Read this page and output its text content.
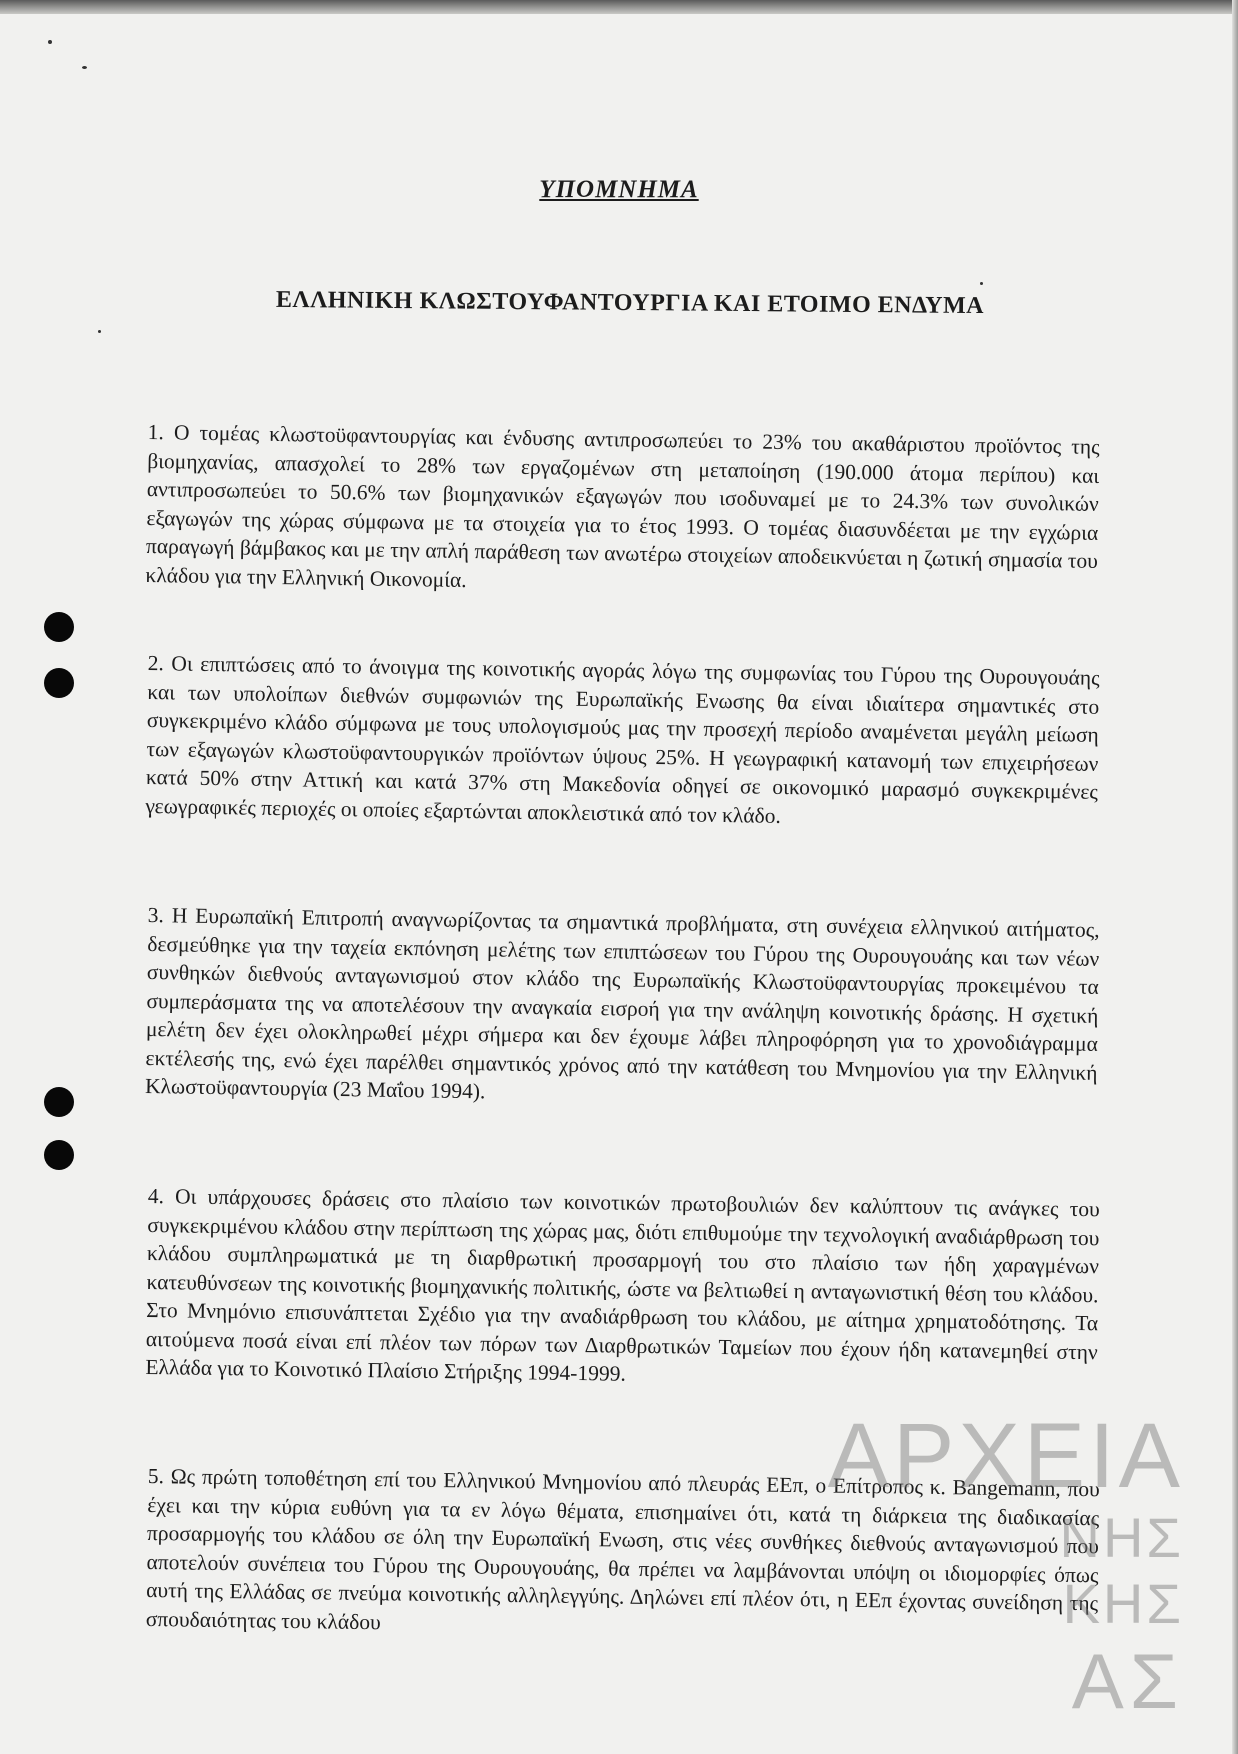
ΥΠΟΜΝΗΜΑ
ΕΛΛΗΝΙΚΗ ΚΛΩΣΤΟΥΦΑΝΤΟΥΡΓΙΑ ΚΑΙ ΕΤΟΙΜΟ ΕΝΔΥΜΑ

1. Ο τομέας κλωστοϋφαντουργίας και ένδυσης αντιπροσωπεύει το 23% του ακαθάριστου προϊόντος της βιομηχανίας, απασχολεί το 28% των εργαζομένων στη μεταποίηση (190.000 άτομα περίπου) και αντιπροσωπεύει το 50.6% των βιομηχανικών εξαγωγών που ισοδυναμεί με το 24.3% των συνολικών εξαγωγών της χώρας σύμφωνα με τα στοιχεία για το έτος 1993. Ο τομέας διασυνδέεται με την εγχώρια παραγωγή βάμβακος και με την απλή παράθεση των ανωτέρω στοιχείων αποδεικνύεται η ζωτική σημασία του κλάδου για την Ελληνική Οικονομία.

2. Οι επιπτώσεις από το άνοιγμα της κοινοτικής αγοράς λόγω της συμφωνίας του Γύρου της Ουρουγουάης και των υπολοίπων διεθνών συμφωνιών της Ευρωπαϊκής Ενωσης θα είναι ιδιαίτερα σημαντικές στο συγκεκριμένο κλάδο σύμφωνα με τους υπολογισμούς μας την προσεχή περίοδο αναμένεται μεγάλη μείωση των εξαγωγών κλωστοϋφαντουργικών προϊόντων ύψους 25%. Η γεωγραφική κατανομή των επιχειρήσεων κατά 50% στην Αττική και κατά 37% στη Μακεδονία οδηγεί σε οικονομικό μαρασμό συγκεκριμένες γεωγραφικές περιοχές οι οποίες εξαρτώνται αποκλειστικά από τον κλάδο.

3. Η Ευρωπαϊκή Επιτροπή αναγνωρίζοντας τα σημαντικά προβλήματα, στη συνέχεια ελληνικού αιτήματος, δεσμεύθηκε για την ταχεία εκπόνηση μελέτης των επιπτώσεων του Γύρου της Ουρουγουάης και των νέων συνθηκών διεθνούς ανταγωνισμού στον κλάδο της Ευρωπαϊκής Κλωστοϋφαντουργίας προκειμένου τα συμπεράσματα της να αποτελέσουν την αναγκαία εισροή για την ανάληψη κοινοτικής δράσης. Η σχετική μελέτη δεν έχει ολοκληρωθεί μέχρι σήμερα και δεν έχουμε λάβει πληροφόρηση για το χρονοδιάγραμμα εκτέλεσής της, ενώ έχει παρέλθει σημαντικός χρόνος από την κατάθεση του Μνημονίου για την Ελληνική Κλωστοϋφαντουργία (23 Μαΐου 1994).

4. Οι υπάρχουσες δράσεις στο πλαίσιο των κοινοτικών πρωτοβουλιών δεν καλύπτουν τις ανάγκες του συγκεκριμένου κλάδου στην περίπτωση της χώρας μας, διότι επιθυμούμε την τεχνολογική αναδιάρθρωση του κλάδου συμπληρωματικά με τη διαρθρωτική προσαρμογή του στο πλαίσιο των ήδη χαραγμένων κατευθύνσεων της κοινοτικής βιομηχανικής πολιτικής, ώστε να βελτιωθεί η ανταγωνιστική θέση του κλάδου. Στο Μνημόνιο επισυνάπτεται Σχέδιο για την αναδιάρθρωση του κλάδου, με αίτημα χρηματοδότησης. Τα αιτούμενα ποσά είναι επί πλέον των πόρων των Διαρθρωτικών Ταμείων που έχουν ήδη κατανεμηθεί στην Ελλάδα για το Κοινοτικό Πλαίσιο Στήριξης 1994-1999.

5. Ως πρώτη τοποθέτηση επί του Ελληνικού Μνημονίου από πλευράς ΕΕπ, ο Επίτροπος κ. Bangemann, που έχει και την κύρια ευθύνη για τα εν λόγω θέματα, επισημαίνει ότι, κατά τη διάρκεια της διαδικασίας προσαρμογής του κλάδου σε όλη την Ευρωπαϊκή Ενωση, στις νέες συνθήκες διεθνούς ανταγωνισμού που αποτελούν συνέπεια του Γύρου της Ουρουγουάης, θα πρέπει να λαμβάνονται υπόψη οι ιδιομορφίες όπως αυτή της Ελλάδας σε πνεύμα κοινοτικής αλληλεγγύης. Δηλώνει επί πλέον ότι, η ΕΕπ έχοντας συνείδηση της σπουδαιότητας του κλάδου

ΑΡΧΕΙΑ
ΝΗΣ
ΚΗΣ
ΑΣ
